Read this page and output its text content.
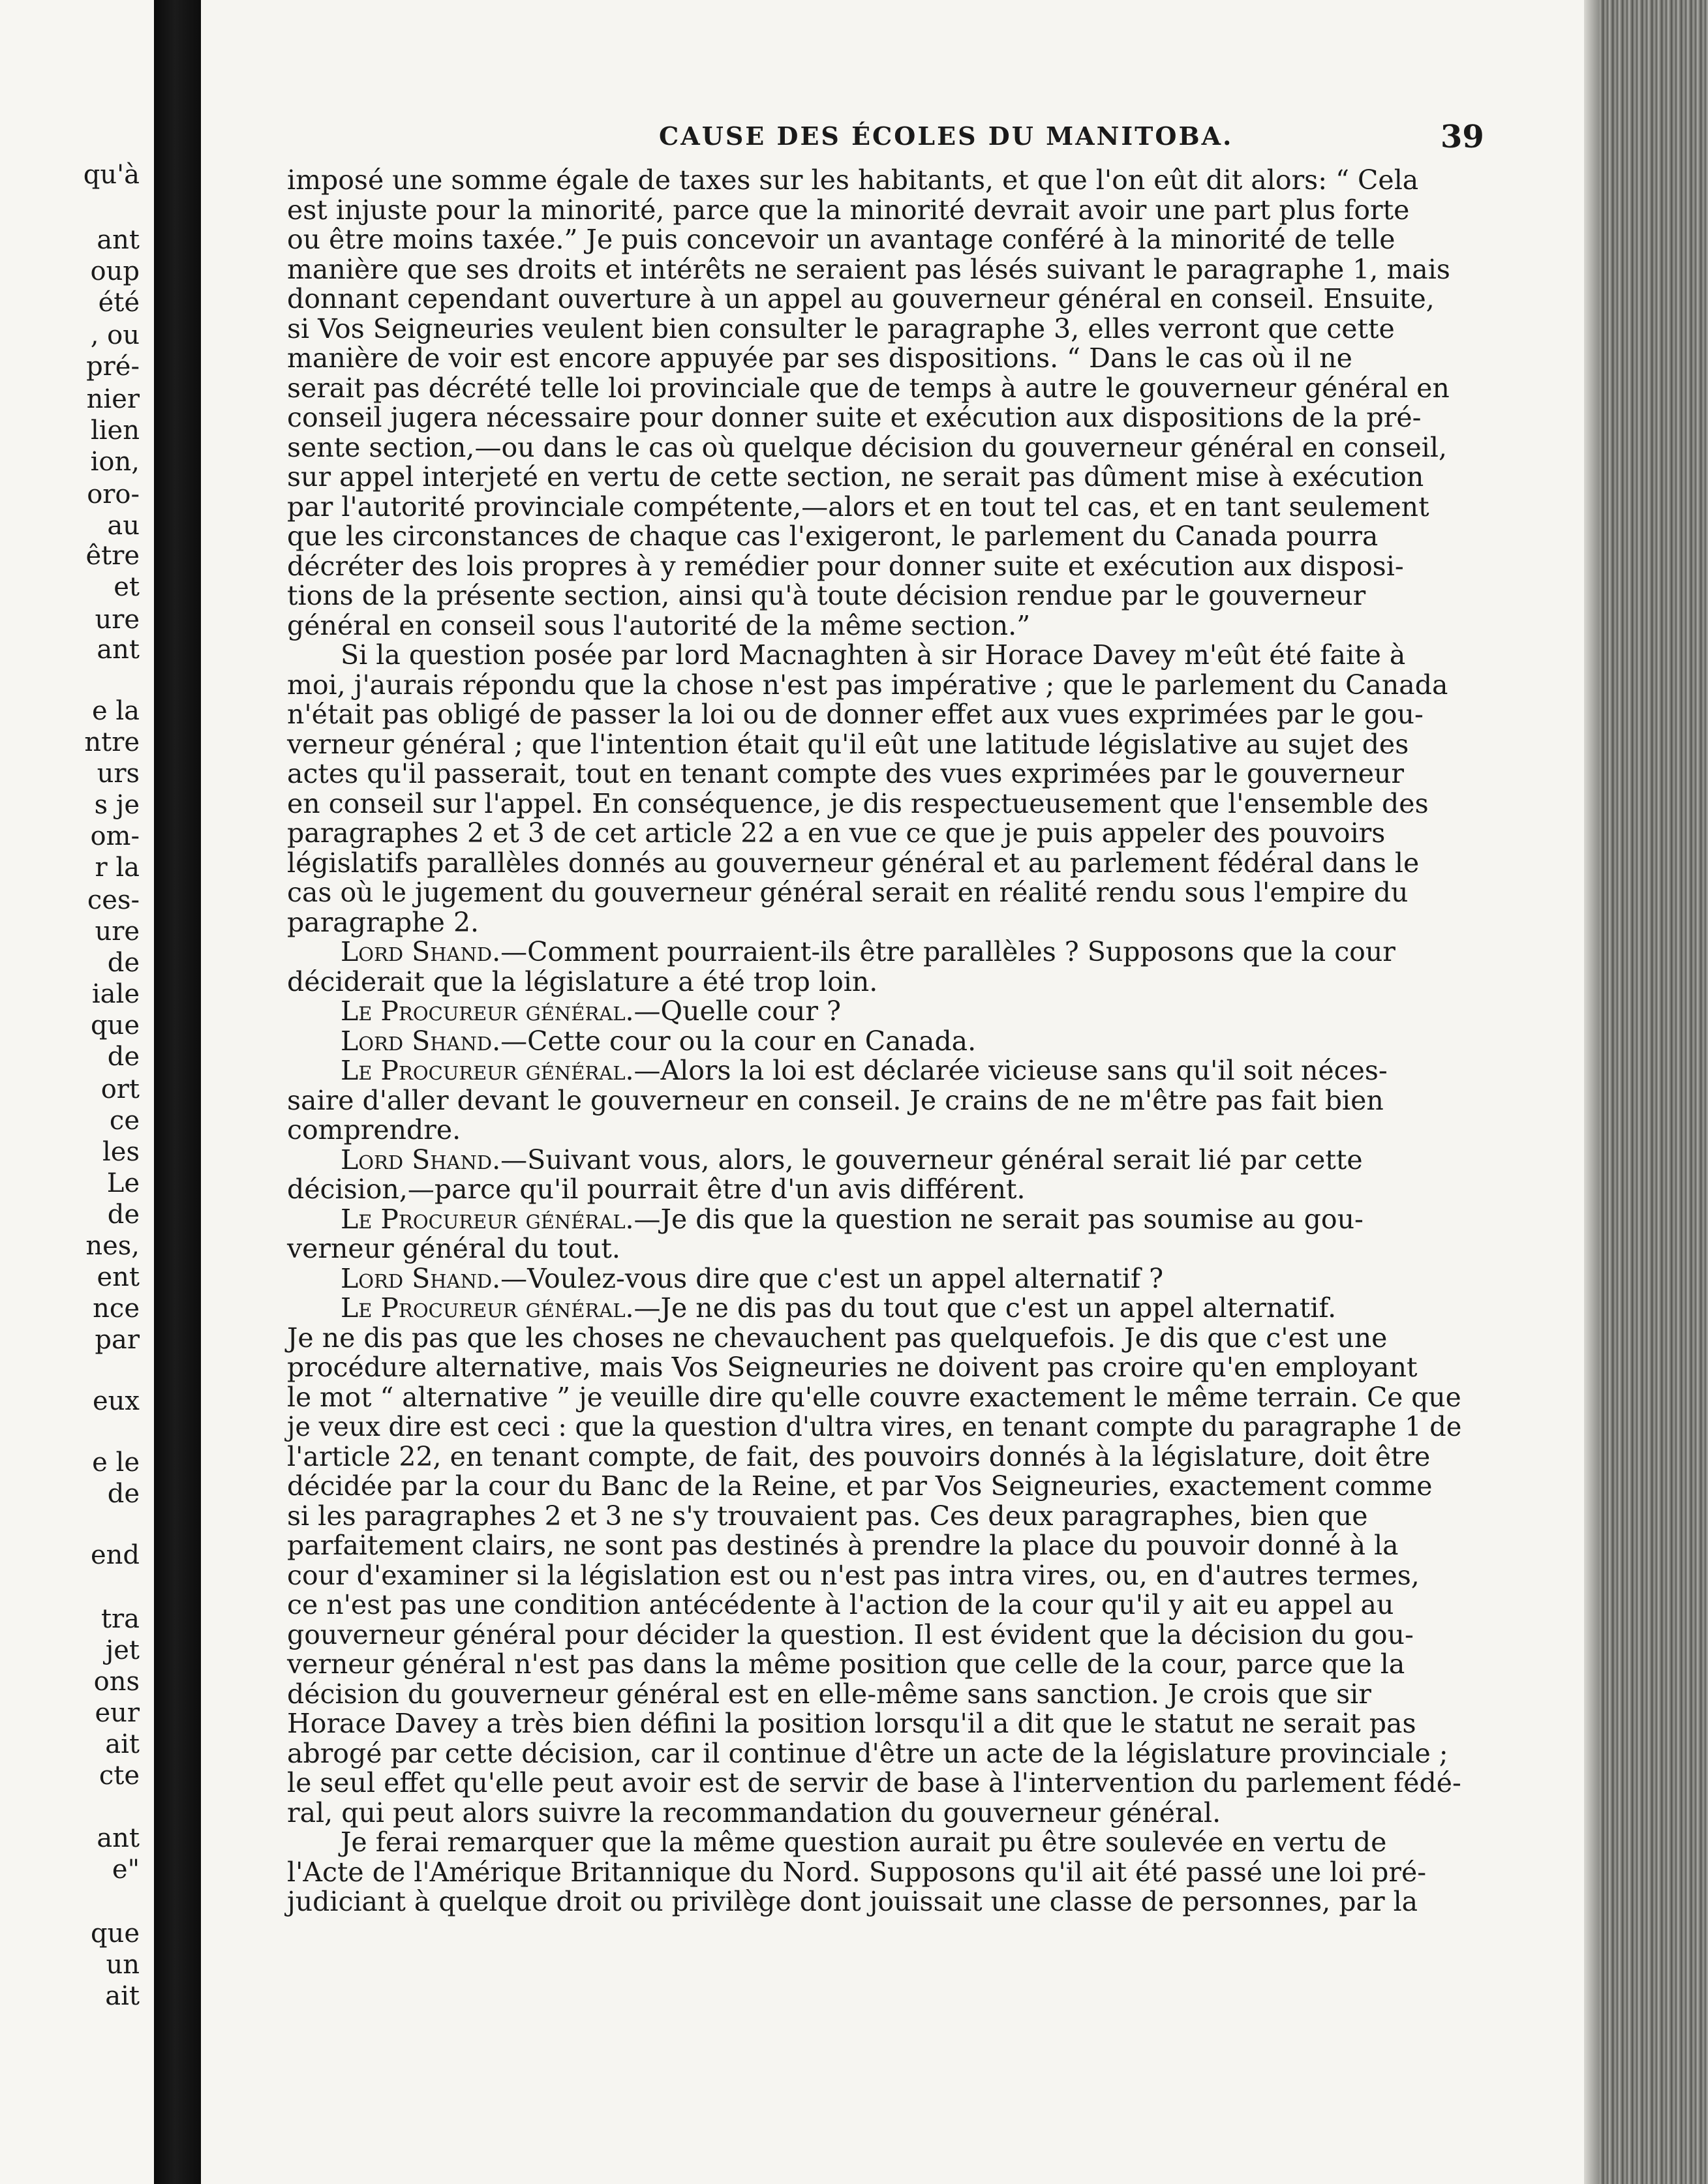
qu'à
ant
oup
été
, ou
pré-
nier
lien
ion,
oro-
au
être
et
ure
ant
e la
ntre
urs
s je
om-
r la
ces-
ure
de
iale
que
de
ort
ce
les
Le
de
nes,
ent
nce
par
eux
e le
de
end
tra
jet
ons
eur
ait
cte
ant
e"
que
un
ait
CAUSE DES ÉCOLES DU MANITOBA.	39
imposé une somme égale de taxes sur les habitants, et que l'on eût dit alors: “ Cela
est injuste pour la minorité, parce que la minorité devrait avoir une part plus forte
ou être moins taxée.” Je puis concevoir un avantage conféré à la minorité de telle
manière que ses droits et intérêts ne seraient pas lésés suivant le paragraphe 1, mais
donnant cependant ouverture à un appel au gouverneur général en conseil. Ensuite,
si Vos Seigneuries veulent bien consulter le paragraphe 3, elles verront que cette
manière de voir est encore appuyée par ses dispositions. “ Dans le cas où il ne
serait pas décrété telle loi provinciale que de temps à autre le gouverneur général en
conseil jugera nécessaire pour donner suite et exécution aux dispositions de la pré-
sente section,—ou dans le cas où quelque décision du gouverneur général en conseil,
sur appel interjeté en vertu de cette section, ne serait pas dûment mise à exécution
par l'autorité provinciale compétente,—alors et en tout tel cas, et en tant seulement
que les circonstances de chaque cas l'exigeront, le parlement du Canada pourra
décréter des lois propres à y remédier pour donner suite et exécution aux disposi-
tions de la présente section, ainsi qu'à toute décision rendue par le gouverneur
général en conseil sous l'autorité de la même section.”
Si la question posée par lord Macnaghten à sir Horace Davey m'eût été faite à
moi, j'aurais répondu que la chose n'est pas impérative ; que le parlement du Canada
n'était pas obligé de passer la loi ou de donner effet aux vues exprimées par le gou-
verneur général ; que l'intention était qu'il eût une latitude législative au sujet des
actes qu'il passerait, tout en tenant compte des vues exprimées par le gouverneur
en conseil sur l'appel. En conséquence, je dis respectueusement que l'ensemble des
paragraphes 2 et 3 de cet article 22 a en vue ce que je puis appeler des pouvoirs
législatifs parallèles donnés au gouverneur général et au parlement fédéral dans le
cas où le jugement du gouverneur général serait en réalité rendu sous l'empire du
paragraphe 2.
Lord Shand.—Comment pourraient-ils être parallèles ? Supposons que la cour
déciderait que la législature a été trop loin.
Le Procureur général.—Quelle cour ?
Lord Shand.—Cette cour ou la cour en Canada.
Le Procureur général.—Alors la loi est déclarée vicieuse sans qu'il soit néces-
saire d'aller devant le gouverneur en conseil. Je crains de ne m'être pas fait bien
comprendre.
Lord Shand.—Suivant vous, alors, le gouverneur général serait lié par cette
décision,—parce qu'il pourrait être d'un avis différent.
Le Procureur général.—Je dis que la question ne serait pas soumise au gou-
verneur général du tout.
Lord Shand.—Voulez-vous dire que c'est un appel alternatif ?
Le Procureur général.—Je ne dis pas du tout que c'est un appel alternatif.
Je ne dis pas que les choses ne chevauchent pas quelquefois. Je dis que c'est une
procédure alternative, mais Vos Seigneuries ne doivent pas croire qu'en employant
le mot “ alternative ” je veuille dire qu'elle couvre exactement le même terrain. Ce que
je veux dire est ceci : que la question d'ultra vires, en tenant compte du paragraphe 1 de
l'article 22, en tenant compte, de fait, des pouvoirs donnés à la législature, doit être
décidée par la cour du Banc de la Reine, et par Vos Seigneuries, exactement comme
si les paragraphes 2 et 3 ne s'y trouvaient pas. Ces deux paragraphes, bien que
parfaitement clairs, ne sont pas destinés à prendre la place du pouvoir donné à la
cour d'examiner si la législation est ou n'est pas intra vires, ou, en d'autres termes,
ce n'est pas une condition antécédente à l'action de la cour qu'il y ait eu appel au
gouverneur général pour décider la question. Il est évident que la décision du gou-
verneur général n'est pas dans la même position que celle de la cour, parce que la
décision du gouverneur général est en elle-même sans sanction. Je crois que sir
Horace Davey a très bien défini la position lorsqu'il a dit que le statut ne serait pas
abrogé par cette décision, car il continue d'être un acte de la législature provinciale ;
le seul effet qu'elle peut avoir est de servir de base à l'intervention du parlement fédé-
ral, qui peut alors suivre la recommandation du gouverneur général.
Je ferai remarquer que la même question aurait pu être soulevée en vertu de
l'Acte de l'Amérique Britannique du Nord. Supposons qu'il ait été passé une loi pré-
judiciant à quelque droit ou privilège dont jouissait une classe de personnes, par la
